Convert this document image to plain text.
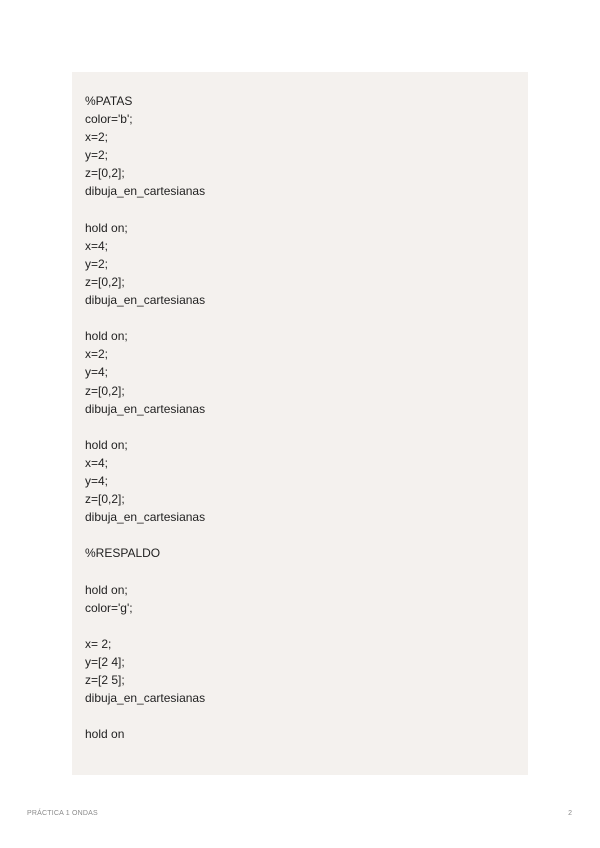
%PATAS
color='b';
x=2;
y=2;
z=[0,2];
dibuja_en_cartesianas
hold on;
x=4;
y=2;
z=[0,2];
dibuja_en_cartesianas
hold on;
x=2;
y=4;
z=[0,2];
dibuja_en_cartesianas
hold on;
x=4;
y=4;
z=[0,2];
dibuja_en_cartesianas
%RESPALDO
hold on;
color='g';
x= 2;
y=[2 4];
z=[2 5];
dibuja_en_cartesianas
hold on
PRÁCTICA 1 ONDAS	2
